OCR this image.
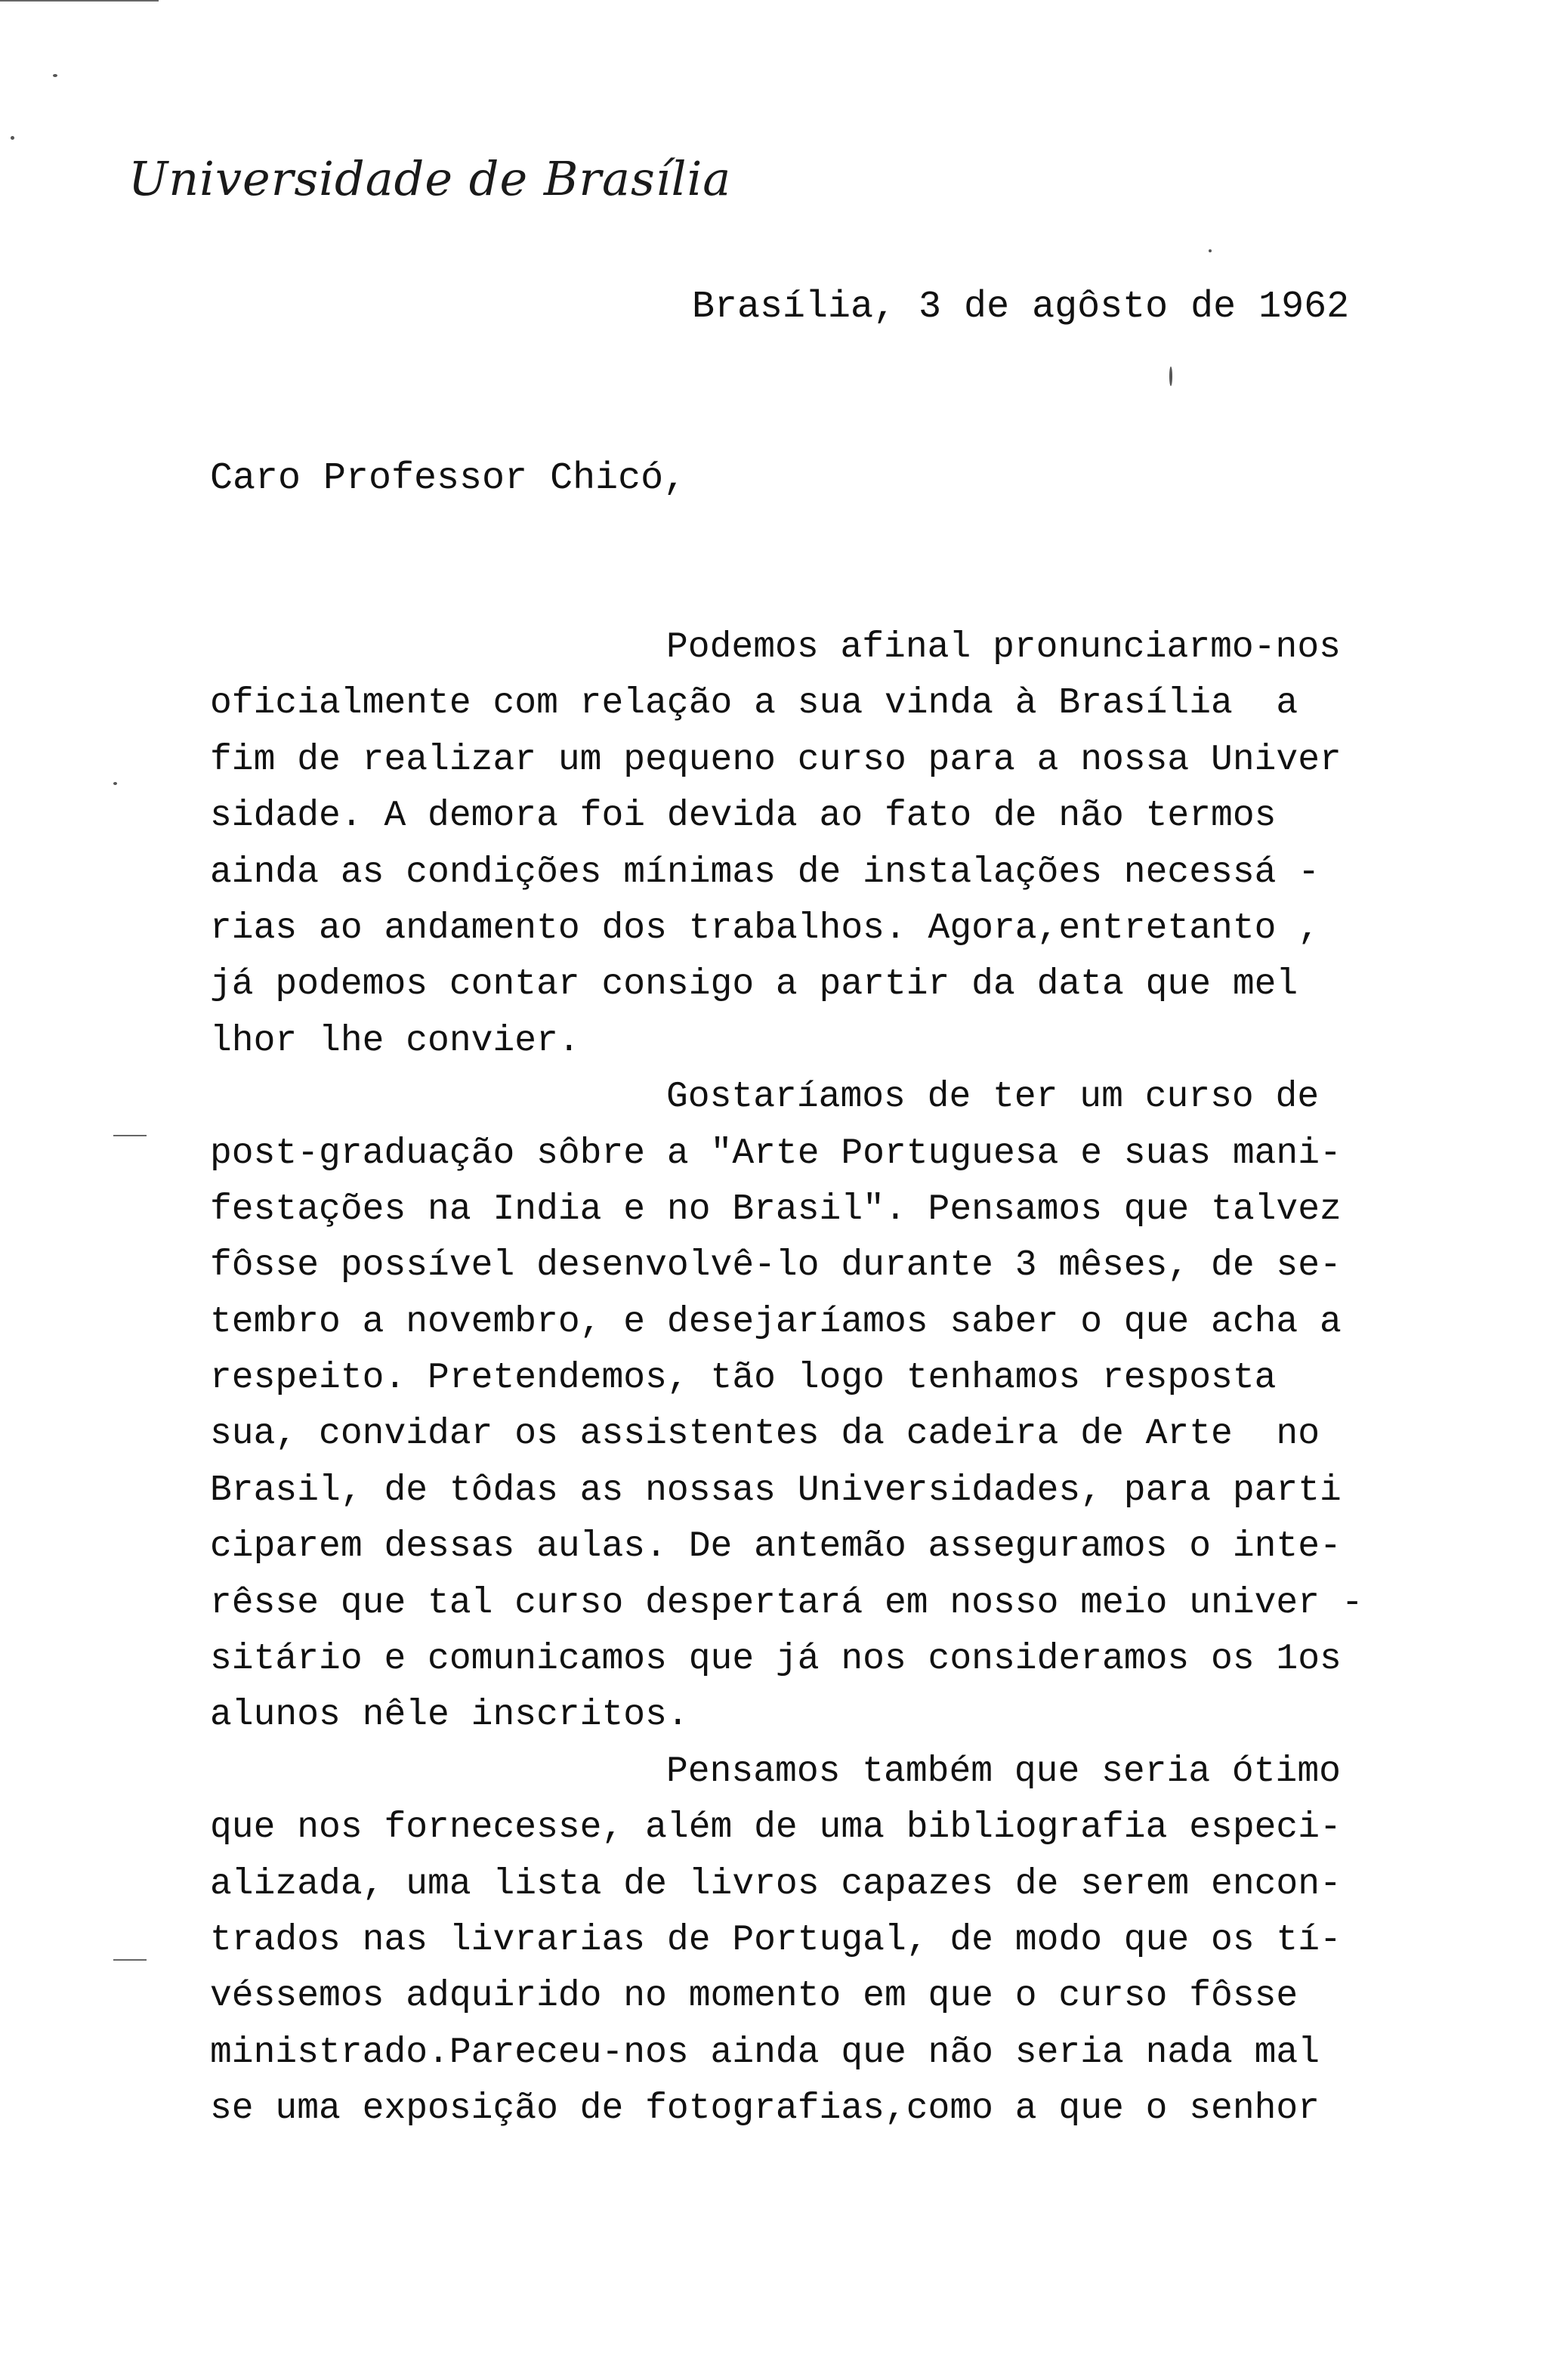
Universidade de Brasília
Brasília, 3 de agôsto de 1962
Caro Professor Chicó,
Podemos afinal pronunciarmo-nos
oficialmente com relação a sua vinda à Brasília  a
fim de realizar um pequeno curso para a nossa Univer
sidade. A demora foi devida ao fato de não termos
ainda as condições mínimas de instalações necessá -
rias ao andamento dos trabalhos. Agora,entretanto ,
já podemos contar consigo a partir da data que mel
lhor lhe convier.
Gostaríamos de ter um curso de
post-graduação sôbre a "Arte Portuguesa e suas mani-
festações na India e no Brasil". Pensamos que talvez
fôsse possível desenvolvê-lo durante 3 mêses, de se-
tembro a novembro, e desejaríamos saber o que acha a
respeito. Pretendemos, tão logo tenhamos resposta
sua, convidar os assistentes da cadeira de Arte  no
Brasil, de tôdas as nossas Universidades, para parti
ciparem dessas aulas. De antemão asseguramos o inte-
rêsse que tal curso despertará em nosso meio univer -
sitário e comunicamos que já nos consideramos os 1os
alunos nêle inscritos.
Pensamos também que seria ótimo
que nos fornecesse, além de uma bibliografia especi-
alizada, uma lista de livros capazes de serem encon-
trados nas livrarias de Portugal, de modo que os tí-
véssemos adquirido no momento em que o curso fôsse
ministrado.Pareceu-nos ainda que não seria nada mal
se uma exposição de fotografias,como a que o senhor
